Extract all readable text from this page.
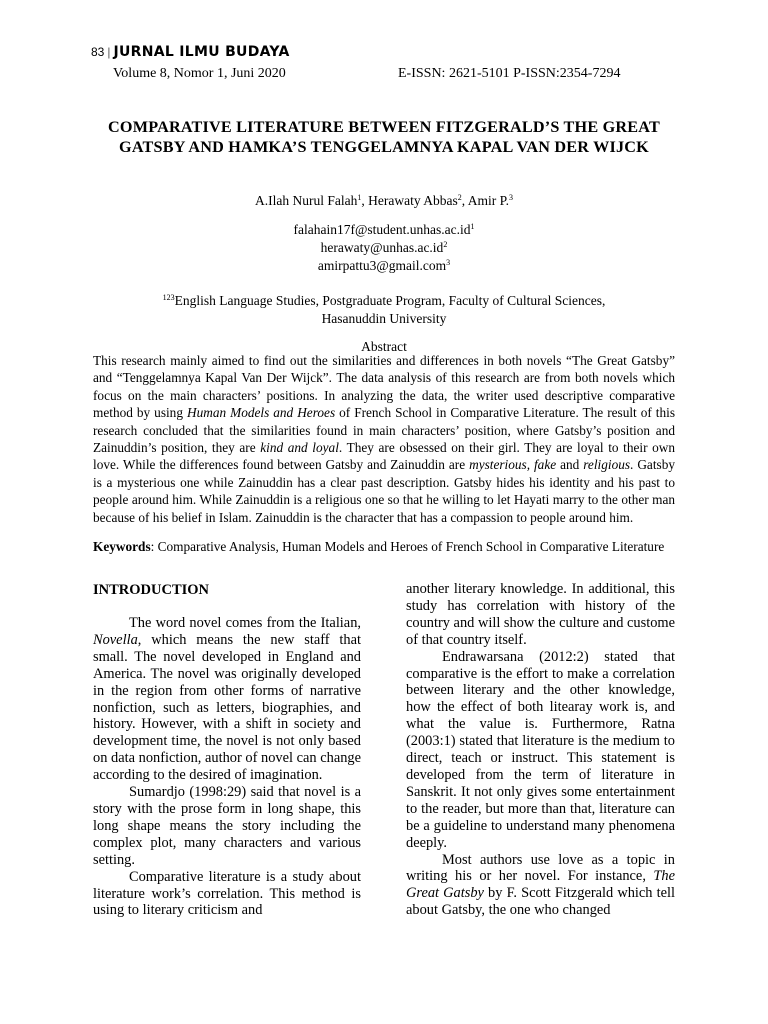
83 | JURNAL ILMU BUDAYA
Volume 8, Nomor 1, Juni 2020	E-ISSN: 2621-5101 P-ISSN:2354-7294
COMPARATIVE LITERATURE BETWEEN FITZGERALD’S THE GREAT GATSBY AND HAMKA’S TENGGELAMNYA KAPAL VAN DER WIJCK
A.Ilah Nurul Falah$^1$, Herawaty Abbas$^2$, Amir P.$^3$
$falahain17f@student.unhas.ac.id^1$
$herawaty@unhas.ac.id^2$
amirpattu3@gmail.com$^3$
$^{123}$English Language Studies, Postgraduate Program, Faculty of Cultural Sciences,
Hasanuddin University
Abstract
This research mainly aimed to find out the similarities and differences in both novels “The Great Gatsby” and “Tenggelamnya Kapal Van Der Wijck”. The data analysis of this research are from both novels which focus on the main characters’ positions. In analyzing the data, the writer used descriptive comparative method by using Human Models and Heroes of French School in Comparative Literature. The result of this research concluded that the similarities found in main characters’ position, where Gatsby’s position and Zainuddin’s position, they are kind and loyal. They are obsessed on their girl. They are loyal to their own love. While the differences found between Gatsby and Zainuddin are mysterious, fake and religious. Gatsby is a mysterious one while Zainuddin has a clear past description. Gatsby hides his identity and his past to people around him. While Zainuddin is a religious one so that he willing to let Hayati marry to the other man because of his belief in Islam. Zainuddin is the character that has a compassion to people around him.
Keywords: Comparative Analysis, Human Models and Heroes of French School in Comparative Literature
INTRODUCTION

The word novel comes from the Italian, Novella, which means the new staff that small. The novel developed in England and America. The novel was originally developed in the region from other forms of narrative nonfiction, such as letters, biographies, and history. However, with a shift in society and development time, the novel is not only based on data nonfiction, author of novel can change according to the desired of imagination.

Sumardjo (1998:29) said that novel is a story with the prose form in long shape, this long shape means the story including the complex plot, many characters and various setting.

Comparative literature is a study about literature work’s correlation. This method is using to literary criticism and

another literary knowledge. In additional, this study has correlation with history of the country and will show the culture and custome of that country itself.

Endrawarsana (2012:2) stated that comparative is the effort to make a correlation between literary and the other knowledge, how the effect of both litearay work is, and what the value is. Furthermore, Ratna (2003:1) stated that literature is the medium to direct, teach or instruct. This statement is developed from the term of literature in Sanskrit. It not only gives some entertainment to the reader, but more than that, literature can be a guideline to understand many phenomena deeply.

Most authors use love as a topic in writing his or her novel. For instance, The Great Gatsby by F. Scott Fitzgerald which tell about Gatsby, the one who changed
